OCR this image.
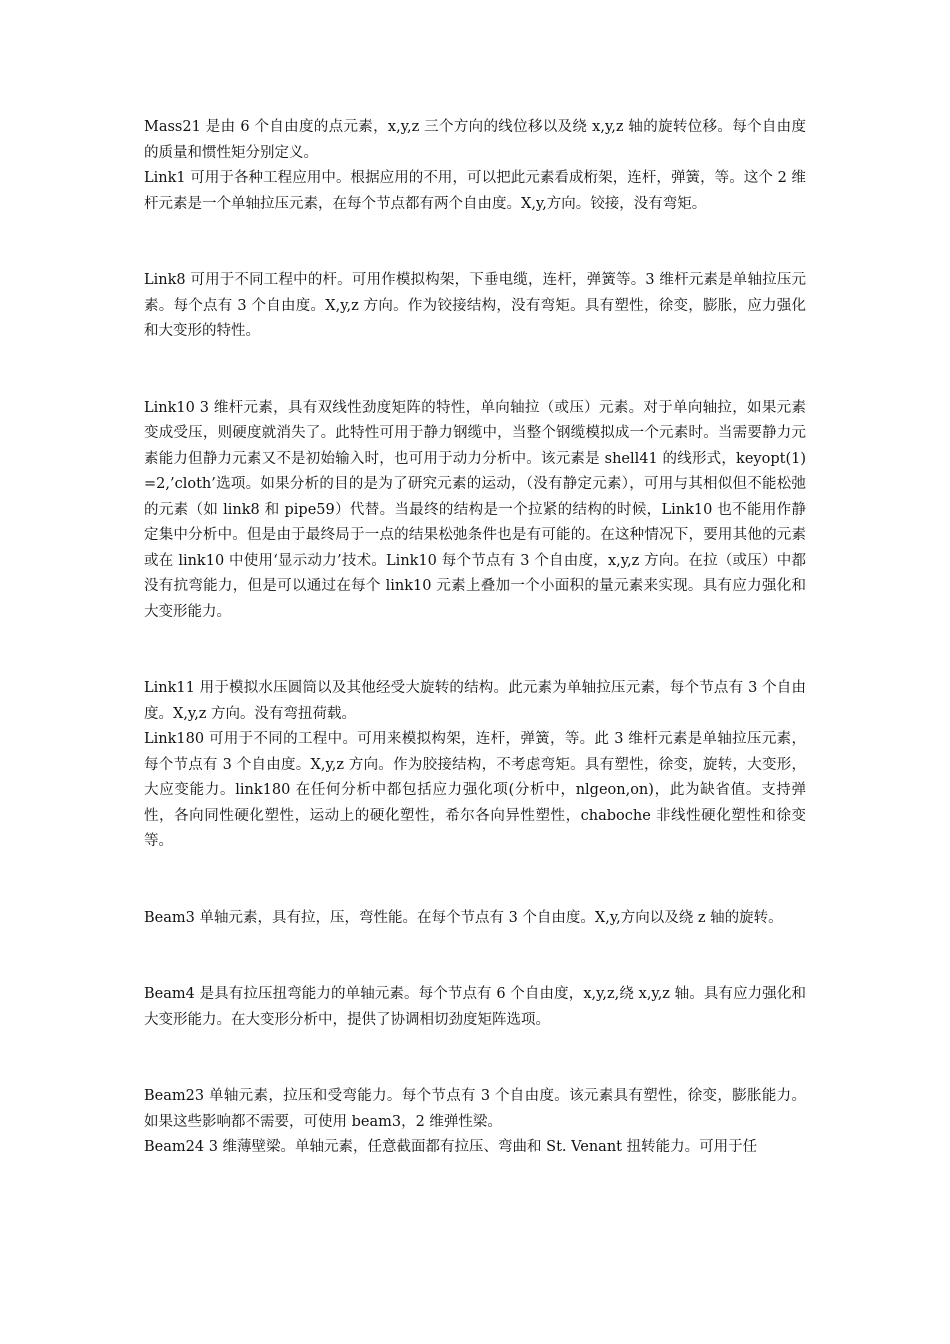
Mass21 是由 6 个自由度的点元素，x,y,z 三个方向的线位移以及绕 x,y,z 轴的旋转位移。每个自由度的质量和惯性矩分别定义。

Link1 可用于各种工程应用中。根据应用的不用，可以把此元素看成桁架，连杆，弹簧，等。这个 2 维杆元素是一个单轴拉压元素，在每个节点都有两个自由度。X,y,方向。铰接，没有弯矩。

Link8 可用于不同工程中的杆。可用作模拟构架，下垂电缆，连杆，弹簧等。3 维杆元素是单轴拉压元素。每个点有 3 个自由度。X,y,z 方向。作为铰接结构，没有弯矩。具有塑性，徐变，膨胀，应力强化和大变形的特性。

Link10 3 维杆元素，具有双线性劲度矩阵的特性，单向轴拉（或压）元素。对于单向轴拉，如果元素变成受压，则硬度就消失了。此特性可用于静力钢缆中，当整个钢缆模拟成一个元素时。当需要静力元素能力但静力元素又不是初始输入时，也可用于动力分析中。该元素是 shell41 的线形式，keyopt(1)=2,’cloth’选项。如果分析的目的是为了研究元素的运动，（没有静定元素），可用与其相似但不能松弛的元素（如 link8 和 pipe59）代替。当最终的结构是一个拉紧的结构的时候，Link10 也不能用作静定集中分析中。但是由于最终局于一点的结果松弛条件也是有可能的。在这种情况下，要用其他的元素或在 link10 中使用‘显示动力’技术。Link10 每个节点有 3 个自由度，x,y,z 方向。在拉（或压）中都没有抗弯能力，但是可以通过在每个 link10 元素上叠加一个小面积的量元素来实现。具有应力强化和大变形能力。

Link11 用于模拟水压圆筒以及其他经受大旋转的结构。此元素为单轴拉压元素，每个节点有 3 个自由度。X,y,z 方向。没有弯扭荷载。

Link180 可用于不同的工程中。可用来模拟构架，连杆，弹簧，等。此 3 维杆元素是单轴拉压元素，每个节点有 3 个自由度。X,y,z 方向。作为胶接结构，不考虑弯矩。具有塑性，徐变，旋转，大变形，大应变能力。link180 在任何分析中都包括应力强化项(分析中，nlgeon,on)，此为缺省值。支持弹性，各向同性硬化塑性，运动上的硬化塑性，希尔各向异性塑性，chaboche 非线性硬化塑性和徐变等。

Beam3 单轴元素，具有拉，压，弯性能。在每个节点有 3 个自由度。X,y,方向以及绕 z 轴的旋转。

Beam4 是具有拉压扭弯能力的单轴元素。每个节点有 6 个自由度，x,y,z,绕 x,y,z 轴。具有应力强化和大变形能力。在大变形分析中，提供了协调相切劲度矩阵选项。

Beam23 单轴元素，拉压和受弯能力。每个节点有 3 个自由度。该元素具有塑性，徐变，膨胀能力。如果这些影响都不需要，可使用 beam3，2 维弹性梁。

Beam24 3 维薄壁梁。单轴元素，任意截面都有拉压、弯曲和 St. Venant 扭转能力。可用于任
